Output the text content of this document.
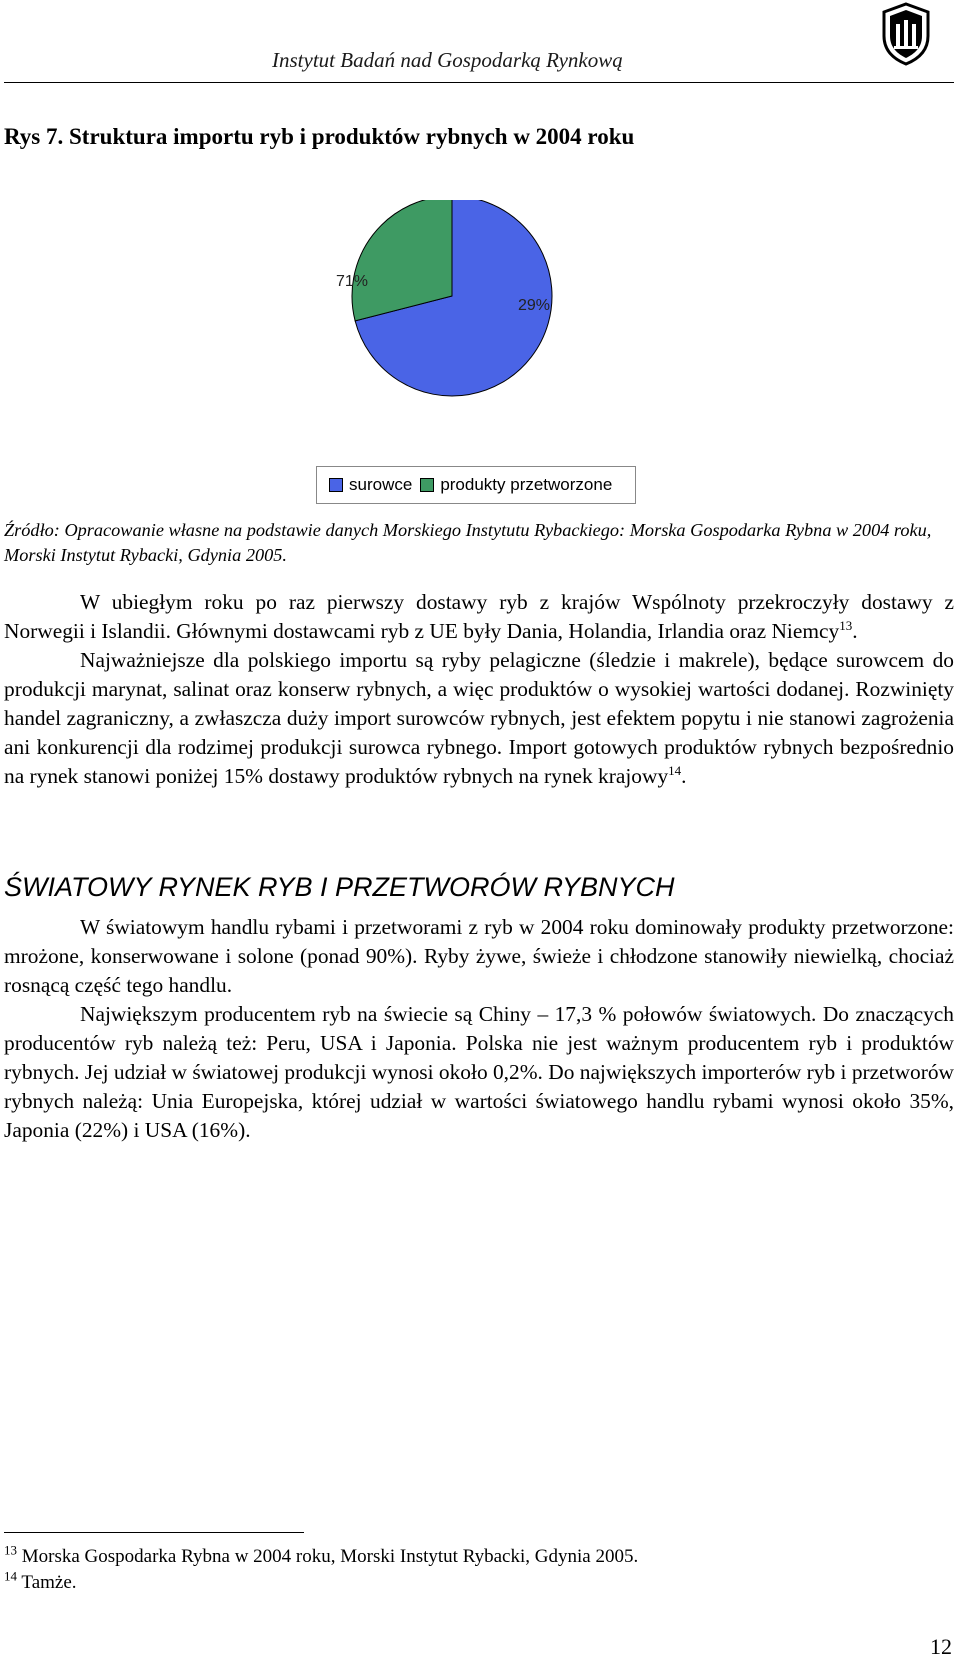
Instytut Badań nad Gospodarką Rynkową
Rys 7. Struktura importu ryb i produktów rybnych w 2004 roku
71%
29%
surowce produkty przetworzone
Źródło: Opracowanie własne na podstawie danych Morskiego Instytutu Rybackiego: Morska Gospodarka Rybna w 2004 roku, Morski Instytut Rybacki, Gdynia 2005.

W ubiegłym roku po raz pierwszy dostawy ryb z krajów Wspólnoty przekroczyły dostawy z Norwegii i Islandii. Głównymi dostawcami ryb z UE były Dania, Holandia, Irlandia oraz Niemcy$^{13}$.

Najważniejsze dla polskiego importu są ryby pelagiczne (śledzie i makrele), będące surowcem do produkcji marynat, salinat oraz konserw rybnych, a więc produktów o wysokiej wartości dodanej. Rozwinięty handel zagraniczny, a zwłaszcza duży import surowców rybnych, jest efektem popytu i nie stanowi zagrożenia ani konkurencji dla rodzimej produkcji surowca rybnego. Import gotowych produktów rybnych bezpośrednio na rynek stanowi poniżej 15% dostawy produktów rybnych na rynek krajowy$^{14}$.

ŚWIATOWY RYNEK RYB I PRZETWORÓW RYBNYCH

W światowym handlu rybami i przetworami z ryb w 2004 roku dominowały produkty przetworzone: mrożone, konserwowane i solone (ponad 90%). Ryby żywe, świeże i chłodzone stanowiły niewielką, chociaż rosnącą część tego handlu.

Największym producentem ryb na świecie są Chiny – 17,3 % połowów światowych. Do znaczących producentów ryb należą też: Peru, USA i Japonia. Polska nie jest ważnym producentem ryb i produktów rybnych. Jej udział w światowej produkcji wynosi około 0,2%. Do największych importerów ryb i przetworów rybnych należą: Unia Europejska, której udział w wartości światowego handlu rybami wynosi około 35%, Japonia (22%) i USA (16%).

$^{13}$ Morska Gospodarka Rybna w 2004 roku, Morski Instytut Rybacki, Gdynia 2005.
$^{14}$ Tamże.
12
